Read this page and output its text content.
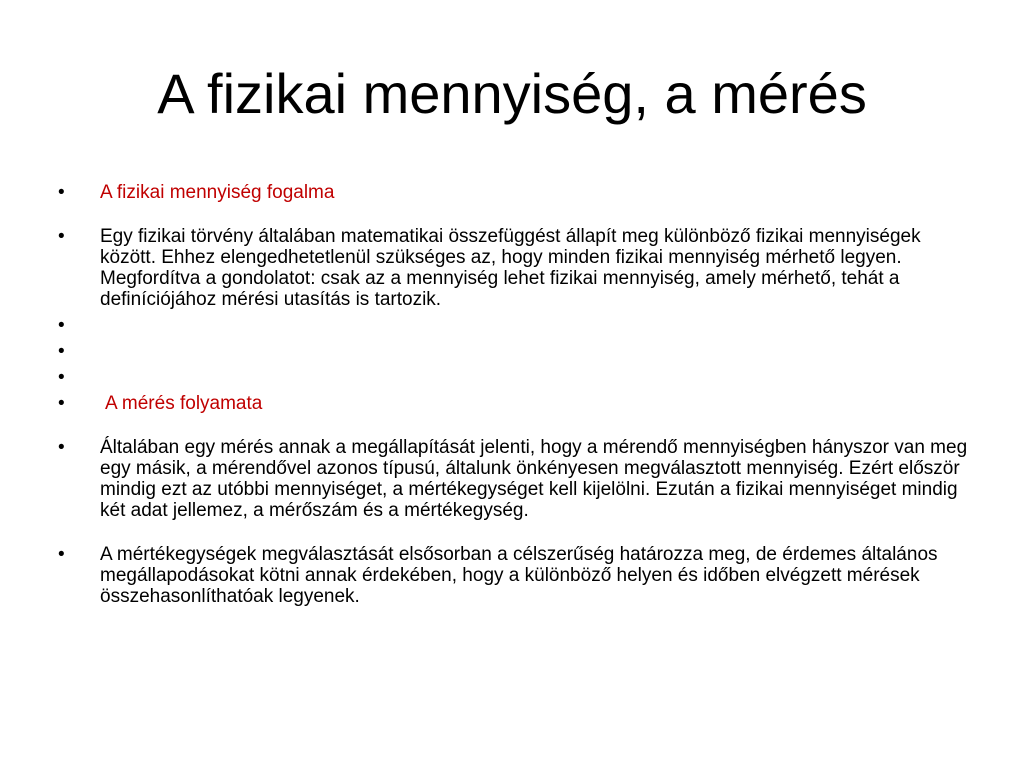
A fizikai mennyiség, a mérés
•	A fizikai mennyiség fogalma
•	Egy fizikai törvény általában matematikai összefüggést állapít meg különböző fizikai mennyiségek között. Ehhez elengedhetetlenül szükséges az, hogy minden fizikai mennyiség mérhető legyen. Megfordítva a gondolatot: csak az a mennyiség lehet fizikai mennyiség, amely mérhető, tehát a definíciójához mérési utasítás is tartozik.
•

•

•

•	A mérés folyamata
•	Általában egy mérés annak a megállapítását jelenti, hogy a mérendő mennyiségben hányszor van meg egy másik, a mérendővel azonos típusú, általunk önkényesen megválasztott mennyiség. Ezért először mindig ezt az utóbbi mennyiséget, a mértékegységet kell kijelölni. Ezután a fizikai mennyiséget mindig két adat jellemez, a mérőszám és a mértékegység.
•	A mértékegységek megválasztását elsősorban a célszerűség határozza meg, de érdemes általános megállapodásokat kötni annak érdekében, hogy a különböző helyen és időben elvégzett mérések összehasonlíthatóak legyenek.
